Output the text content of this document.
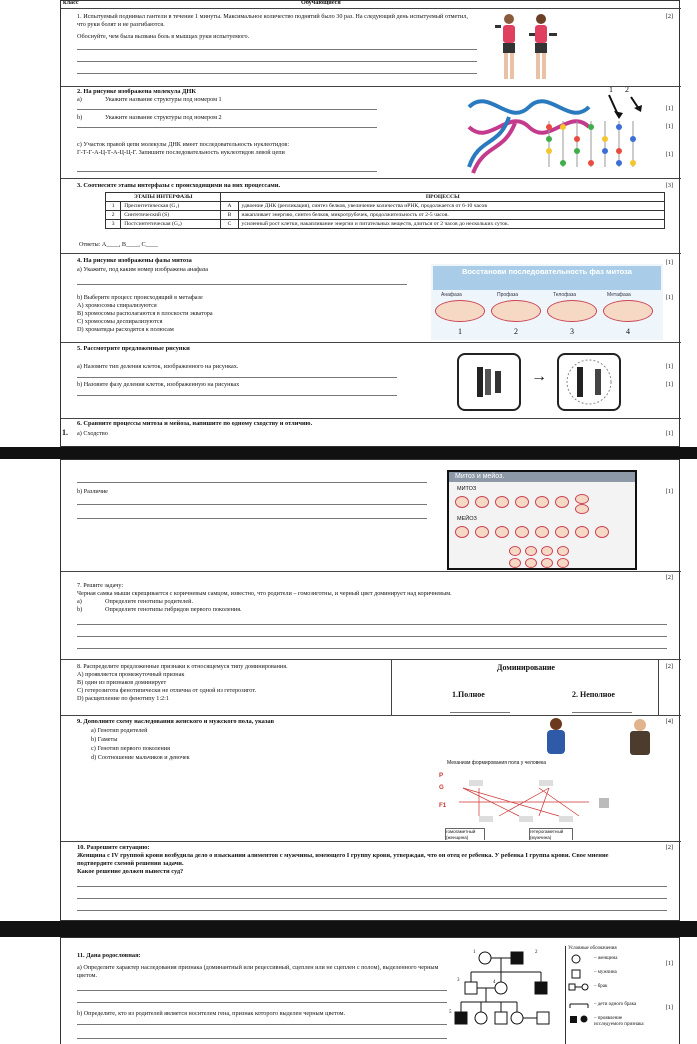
класс	Обучающиеся
1. Испытуемый поднимал гантели в течение 1 минуты. Максимальное количество поднятий было 30 раз. На следующий день испытуемый отметил, что руки болят и не разгибаются.
Обоснуйте, чем была вызвана боль в мышцах руки испытуемого.
[2]
2. На рисунке изображена молекула ДНК
a)	Укажите название структуры под номером 1
b)	Укажите название структуры под номером 2
c) Участок правой цепи молекулы ДНК имеет последовательность нуклеотидов:
Г-Т-Г-А-Ц-Т-А-Ц-Ц-Г. Запишите последовательность нуклеотидов левой цепи
1 2
[1]
[1]
[1]
3. Соотнесите этапы интерфазы с происходящими на них процессами.	[3]
ЭТАПЫ ИНТЕРФАЗЫ		ПРОЦЕССЫ	
1	Пресинтетическая (G₁)	A	удвоение ДНК (репликация), синтез белков, увеличение количества иРНК, продолжается от 6-10 часов
2	Синтетический (S)	B	накапливает энергию, синтез белков, микротрубочек, продолжительность от 2-5 часов.
3	Постсинтетическая (G₂)	C	усиленный рост клетки, накапливание энергии и питательных веществ, длиться от 2 часов до нескольких суток.
Ответы: А____, В____, С____
4. На рисунке изображены фазы митоза
а) Укажите, под каким номер изображена анафаза
b) Выберите процесс происходящий в метафазе
А) хромосомы спирализуются
B) хромосомы располагаются в плоскости экватора
С) хромосомы деспирализуются
D) хроматиды расходятся к полюсам
Восстанови последовательность фаз митоза
Анафаза	Профаза	Телофаза	Метафаза
1	2	3	4
[1]
[1]
5. Рассмотрите предложенные рисунки
а) Назовите тип деления клеток, изображенного на рисунках.
b) Назовите фазу деления клеток, изображенную на рисунках	→
[1]
[1]
6. Сравните процессы митоза и мейоза, напишите по одному сходству и отличию.
a) Сходство	[1]
1.
b) Различие
Митоз и мейоз.
МИТОЗ
МЕЙОЗ
[1]
[2]
7. Решите задачу:
Черная самка мыши скрещивается с коричневым самцом, известно, что родители – гомозиготны, и черный цвет доминирует над коричневым.
a)	Определите генотипы родителей.
b)	Определите генотипы гибридов первого поколения.
8. Распределите предложенные признаки к относящемуся типу доминирования.
A) проявляется промежуточный признак
B) один из признаков доминирует
C) гетерозигота фенотипически не отлична от одной из гетерозигот.
D) расщепление по фенотипу 1:2:1
Доминирование
1.Полное	2. Неполное
[2]
9. Дополните схему наследования женского и мужского пола, указав
a) Генотип родителей
b) Гаметы
c) Генотип первого поколения
d) Соотношение мальчиков и девочек
Механизм формирования пола у человека
P
G
F1
гомогаметный (женщина)
гетерогаметный (мужчина)
[4]
10. Разрешите ситуацию:
Женщина с IV группой крови возбудила дело о взыскании алиментов с мужчины, имеющего I группу крови, утверждая, что он отец ее ребенка. У ребенка I группа крови. Свое мнение подтвердите схемой решения задачи.
Какое решение должен вынести суд?
[2]
11. Дана родословная:
а) Определите характер наследования признака (доминантный или рецессивный, сцеплен или не сцеплен с полом), выделенного черным цветом.
b) Определите, кто из родителей является носителем гена, признак которого выделен черным цветом.
1	2
3	4
5
Условные обозначения
– женщина
– мужчина
– брак
– дети одного брака
– проявление исследуемого признака
[1]
[1]
